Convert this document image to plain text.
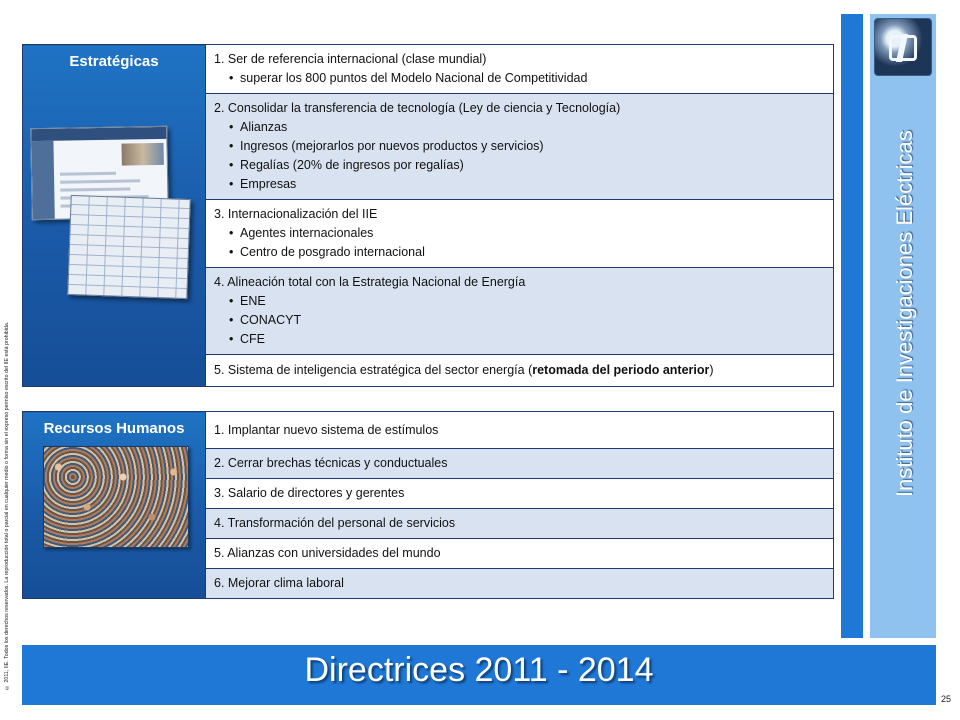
© 2011, IIE. Todos los derechos reservados. La reproducción total o parcial en cualquier medio o forma sin el expreso permiso escrito del IIE está prohibida.
Estratégicas	1. Ser de referencia internacional (clase mundial)
• superar los 800 puntos del Modelo Nacional de Competitividad

2. Consolidar la transferencia de tecnología (Ley de ciencia y Tecnología)
• Alianzas
• Ingresos (mejorarlos por nuevos productos y servicios)
• Regalías (20% de ingresos por regalías)
• Empresas

3. Internacionalización del IIE
• Agentes internacionales
• Centro de posgrado internacional

4. Alineación total con la Estrategia Nacional de Energía
• ENE
• CONACYT
• CFE

5. Sistema de inteligencia estratégica del sector energía (retomada del periodo anterior)
Recursos Humanos	1. Implantar nuevo sistema de estímulos
2. Cerrar brechas técnicas y conductuales
3. Salario de directores y gerentes
4. Transformación del personal de servicios
5. Alianzas con universidades del mundo
6. Mejorar clima laboral
Instituto de Investigaciones Eléctricas
Directrices 2011 - 2014
25
